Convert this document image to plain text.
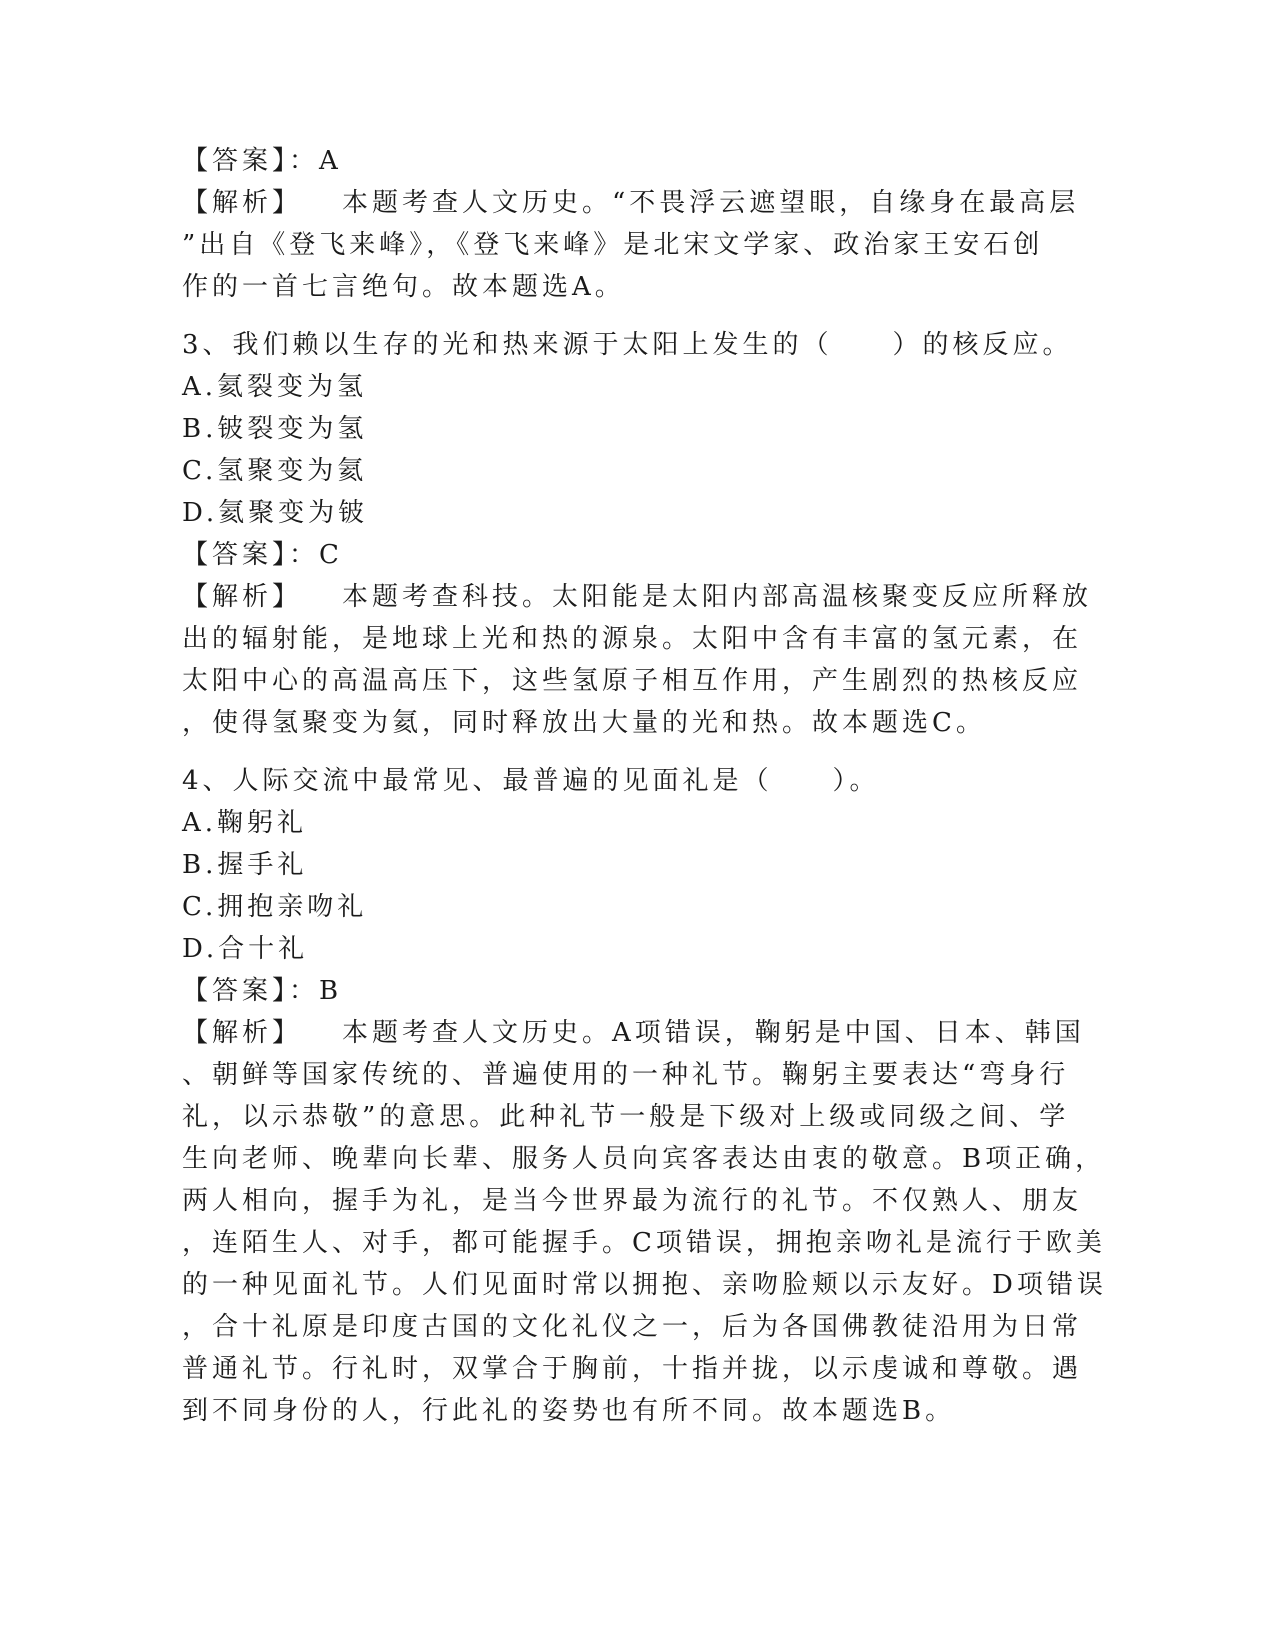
【答案】：A
【解析】 本题考查人文历史。“不畏浮云遮望眼，自缘身在最高层
”出自《登飞来峰》，《登飞来峰》是北宋文学家、政治家王安石创
作的一首七言绝句。故本题选A。
3、我们赖以生存的光和热来源于太阳上发生的（　　）的核反应。
A.氦裂变为氢
B.铍裂变为氢
C.氢聚变为氦
D.氦聚变为铍
【答案】：C
【解析】 本题考查科技。太阳能是太阳内部高温核聚变反应所释放
出的辐射能，是地球上光和热的源泉。太阳中含有丰富的氢元素，在
太阳中心的高温高压下，这些氢原子相互作用，产生剧烈的热核反应
，使得氢聚变为氦，同时释放出大量的光和热。故本题选C。
4、人际交流中最常见、最普遍的见面礼是（　　）。
A.鞠躬礼
B.握手礼
C.拥抱亲吻礼
D.合十礼
【答案】：B
【解析】 本题考查人文历史。A项错误，鞠躬是中国、日本、韩国
、朝鲜等国家传统的、普遍使用的一种礼节。鞠躬主要表达“弯身行
礼，以示恭敬”的意思。此种礼节一般是下级对上级或同级之间、学
生向老师、晚辈向长辈、服务人员向宾客表达由衷的敬意。B项正确，
两人相向，握手为礼，是当今世界最为流行的礼节。不仅熟人、朋友
，连陌生人、对手，都可能握手。C项错误，拥抱亲吻礼是流行于欧美
的一种见面礼节。人们见面时常以拥抱、亲吻脸颊以示友好。D项错误
，合十礼原是印度古国的文化礼仪之一，后为各国佛教徒沿用为日常
普通礼节。行礼时，双掌合于胸前，十指并拢，以示虔诚和尊敬。遇
到不同身份的人，行此礼的姿势也有所不同。故本题选B。
